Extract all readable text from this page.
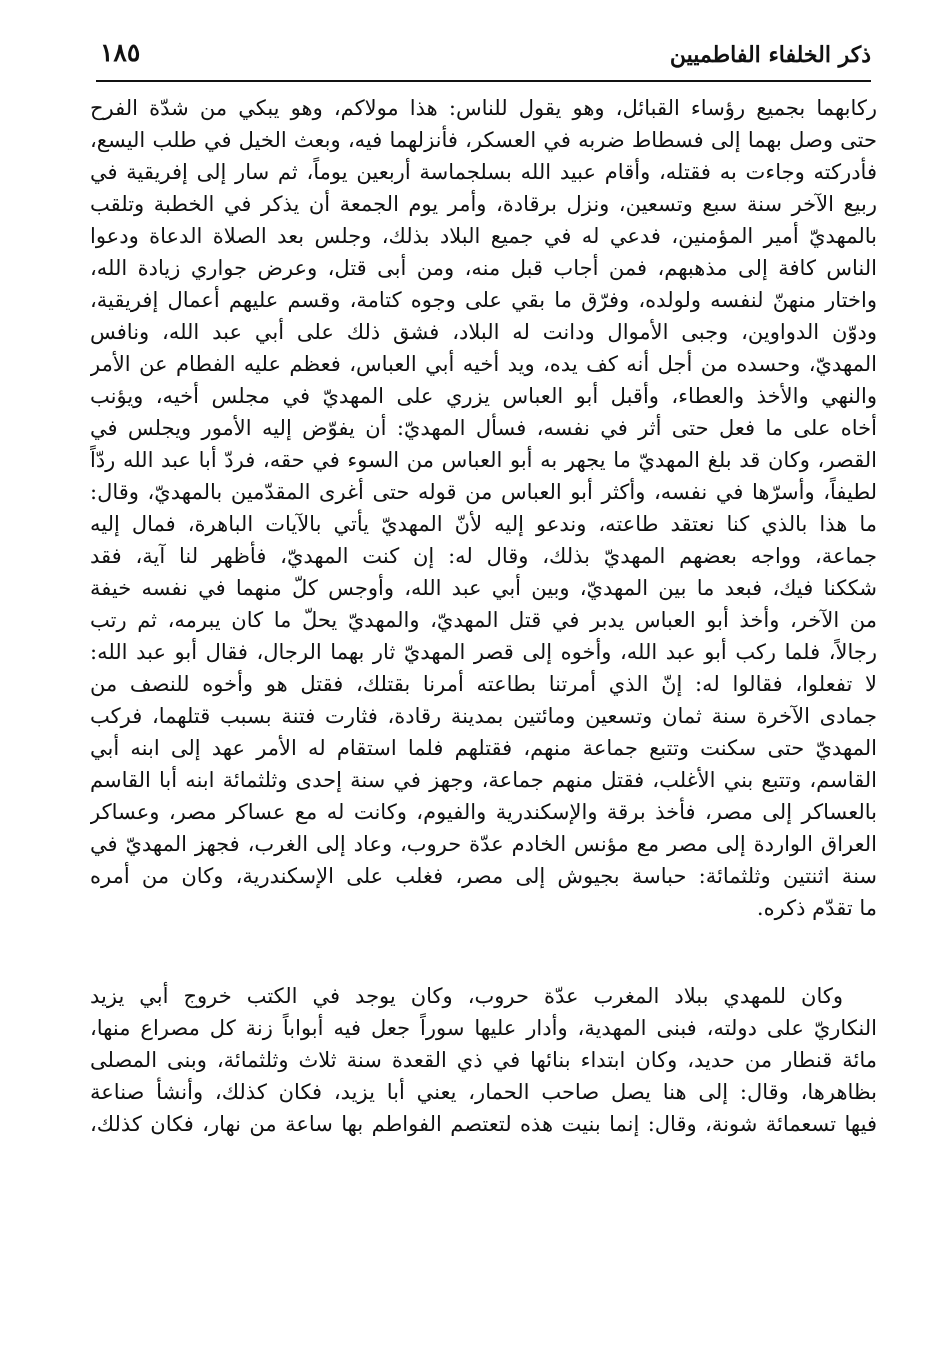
ذكر الخلفاء الفاطميين
١٨٥
ركابهما بجميع رؤساء القبائل، وهو يقول للناس: هذا مولاكم، وهو يبكي من شدّة الفرح
حتى وصل بهما إلى فسطاط ضربه في العسكر، فأنزلهما فيه، وبعث الخيل في طلب اليسع،
فأدركته وجاءت به فقتله، وأقام عبيد الله بسلجماسة أربعين يوماً، ثم سار إلى إفريقية في
ربيع الآخر سنة سبع وتسعين، ونزل برقادة، وأمر يوم الجمعة أن يذكر في الخطبة وتلقب
بالمهديّ أمير المؤمنين، فدعي له في جميع البلاد بذلك، وجلس بعد الصلاة الدعاة ودعوا
الناس كافة إلى مذهبهم، فمن أجاب قبل منه، ومن أبى قتل، وعرض جواري زيادة الله،
واختار منهنّ لنفسه ولولده، وفرّق ما بقي على وجوه كتامة، وقسم عليهم أعمال إفريقية،
ودوّن الدواوين، وجبى الأموال ودانت له البلاد، فشق ذلك على أبي عبد الله، ونافس
المهديّ، وحسده من أجل أنه كف يده، ويد أخيه أبي العباس، فعظم عليه الفطام عن الأمر
والنهي والأخذ والعطاء، وأقبل أبو العباس يزري على المهديّ في مجلس أخيه، ويؤنب
أخاه على ما فعل حتى أثر في نفسه، فسأل المهديّ: أن يفوّض إليه الأمور ويجلس في
القصر، وكان قد بلغ المهديّ ما يجهر به أبو العباس من السوء في حقه، فردّ أبا عبد الله ردّاً
لطيفاً، وأسرّها في نفسه، وأكثر أبو العباس من قوله حتى أغرى المقدّمين بالمهديّ، وقال:
ما هذا بالذي كنا نعتقد طاعته، وندعو إليه لأنّ المهديّ يأتي بالآيات الباهرة، فمال إليه
جماعة، وواجه بعضهم المهديّ بذلك، وقال له: إن كنت المهديّ، فأظهر لنا آية، فقد
شككنا فيك، فبعد ما بين المهديّ، وبين أبي عبد الله، وأوجس كلّ منهما في نفسه خيفة
من الآخر، وأخذ أبو العباس يدبر في قتل المهديّ، والمهديّ يحلّ ما كان يبرمه، ثم رتب
رجالاً، فلما ركب أبو عبد الله، وأخوه إلى قصر المهديّ ثار بهما الرجال، فقال أبو عبد الله:
لا تفعلوا، فقالوا له: إنّ الذي أمرتنا بطاعته أمرنا بقتلك، فقتل هو وأخوه للنصف من
جمادى الآخرة سنة ثمان وتسعين ومائتين بمدينة رقادة، فثارت فتنة بسبب قتلهما، فركب
المهديّ حتى سكنت وتتبع جماعة منهم، فقتلهم فلما استقام له الأمر عهد إلى ابنه أبي
القاسم، وتتبع بني الأغلب، فقتل منهم جماعة، وجهز في سنة إحدى وثلثمائة ابنه أبا القاسم
بالعساكر إلى مصر، فأخذ برقة والإسكندرية والفيوم، وكانت له مع عساكر مصر، وعساكر
العراق الواردة إلى مصر مع مؤنس الخادم عدّة حروب، وعاد إلى الغرب، فجهز المهديّ في
سنة اثنتين وثلثمائة: حباسة بجيوش إلى مصر، فغلب على الإسكندرية، وكان من أمره
ما تقدّم ذكره.
وكان للمهدي ببلاد المغرب عدّة حروب، وكان يوجد في الكتب خروج أبي يزيد
النكاريّ على دولته، فبنى المهدية، وأدار عليها سوراً جعل فيه أبواباً زنة كل مصراع منها،
مائة قنطار من حديد، وكان ابتداء بنائها في ذي القعدة سنة ثلاث وثلثمائة، وبنى المصلى
بظاهرها، وقال: إلى هنا يصل صاحب الحمار، يعني أبا يزيد، فكان كذلك، وأنشأ صناعة
فيها تسعمائة شونة، وقال: إنما بنيت هذه لتعتصم الفواطم بها ساعة من نهار، فكان كذلك،
